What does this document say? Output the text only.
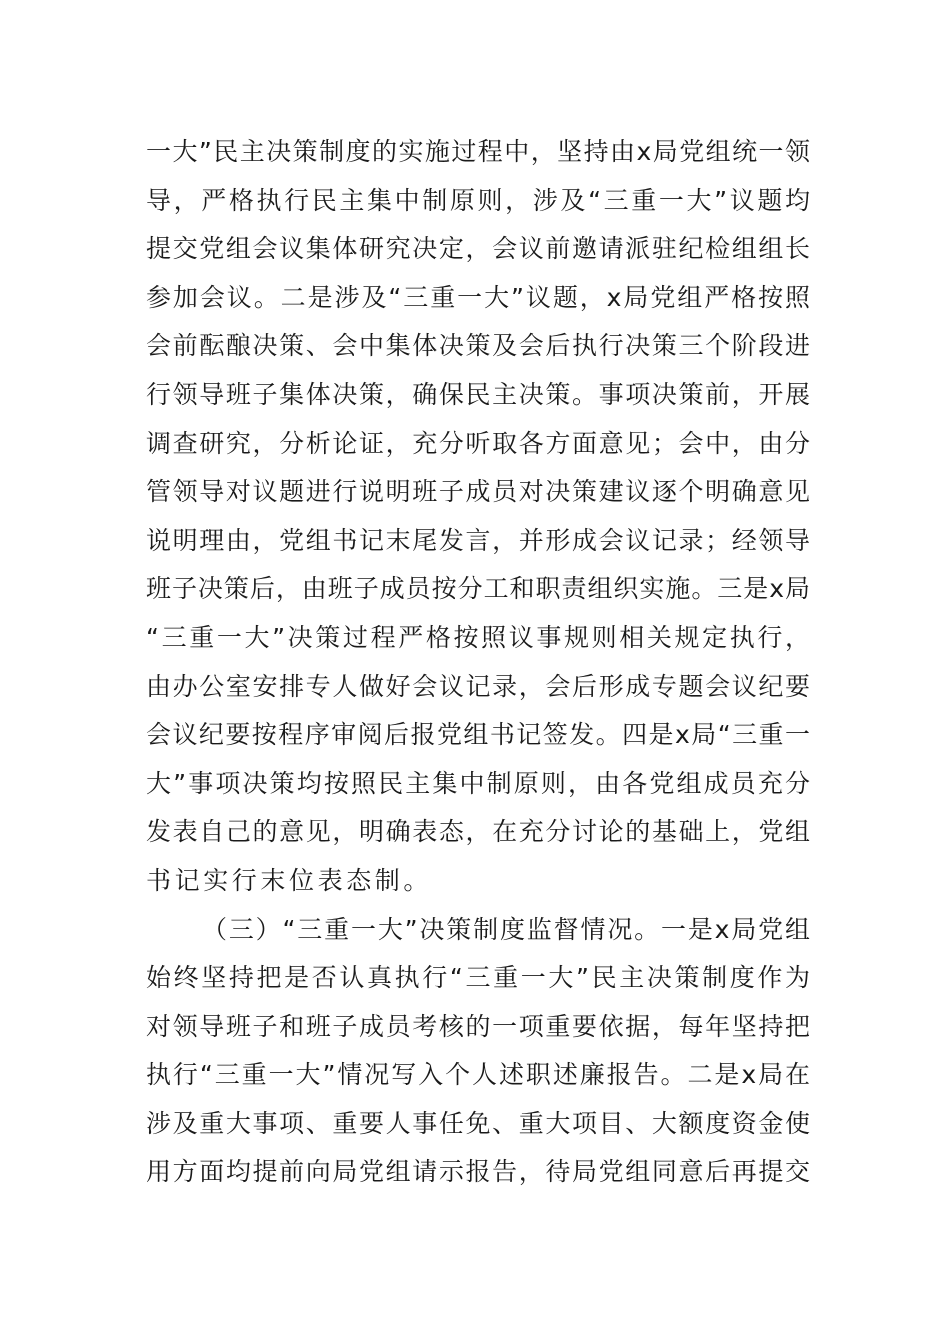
一大”民主决策制度的实施过程中，坚持由x局党组统一领
导，严格执行民主集中制原则，涉及“三重一大”议题均
提交党组会议集体研究决定，会议前邀请派驻纪检组组长
参加会议。二是涉及“三重一大”议题，x局党组严格按照
会前酝酿决策、会中集体决策及会后执行决策三个阶段进
行领导班子集体决策，确保民主决策。事项决策前，开展
调查研究，分析论证，充分听取各方面意见；会中，由分
管领导对议题进行说明班子成员对决策建议逐个明确意见
说明理由，党组书记末尾发言，并形成会议记录；经领导
班子决策后，由班子成员按分工和职责组织实施。三是x局
“三重一大”决策过程严格按照议事规则相关规定执行，
由办公室安排专人做好会议记录，会后形成专题会议纪要
会议纪要按程序审阅后报党组书记签发。四是x局“三重一
大”事项决策均按照民主集中制原则，由各党组成员充分
发表自己的意见，明确表态，在充分讨论的基础上，党组
书记实行末位表态制。
（三）“三重一大”决策制度监督情况。一是x局党组
始终坚持把是否认真执行“三重一大”民主决策制度作为
对领导班子和班子成员考核的一项重要依据，每年坚持把
执行“三重一大”情况写入个人述职述廉报告。二是x局在
涉及重大事项、重要人事任免、重大项目、大额度资金使
用方面均提前向局党组请示报告，待局党组同意后再提交
